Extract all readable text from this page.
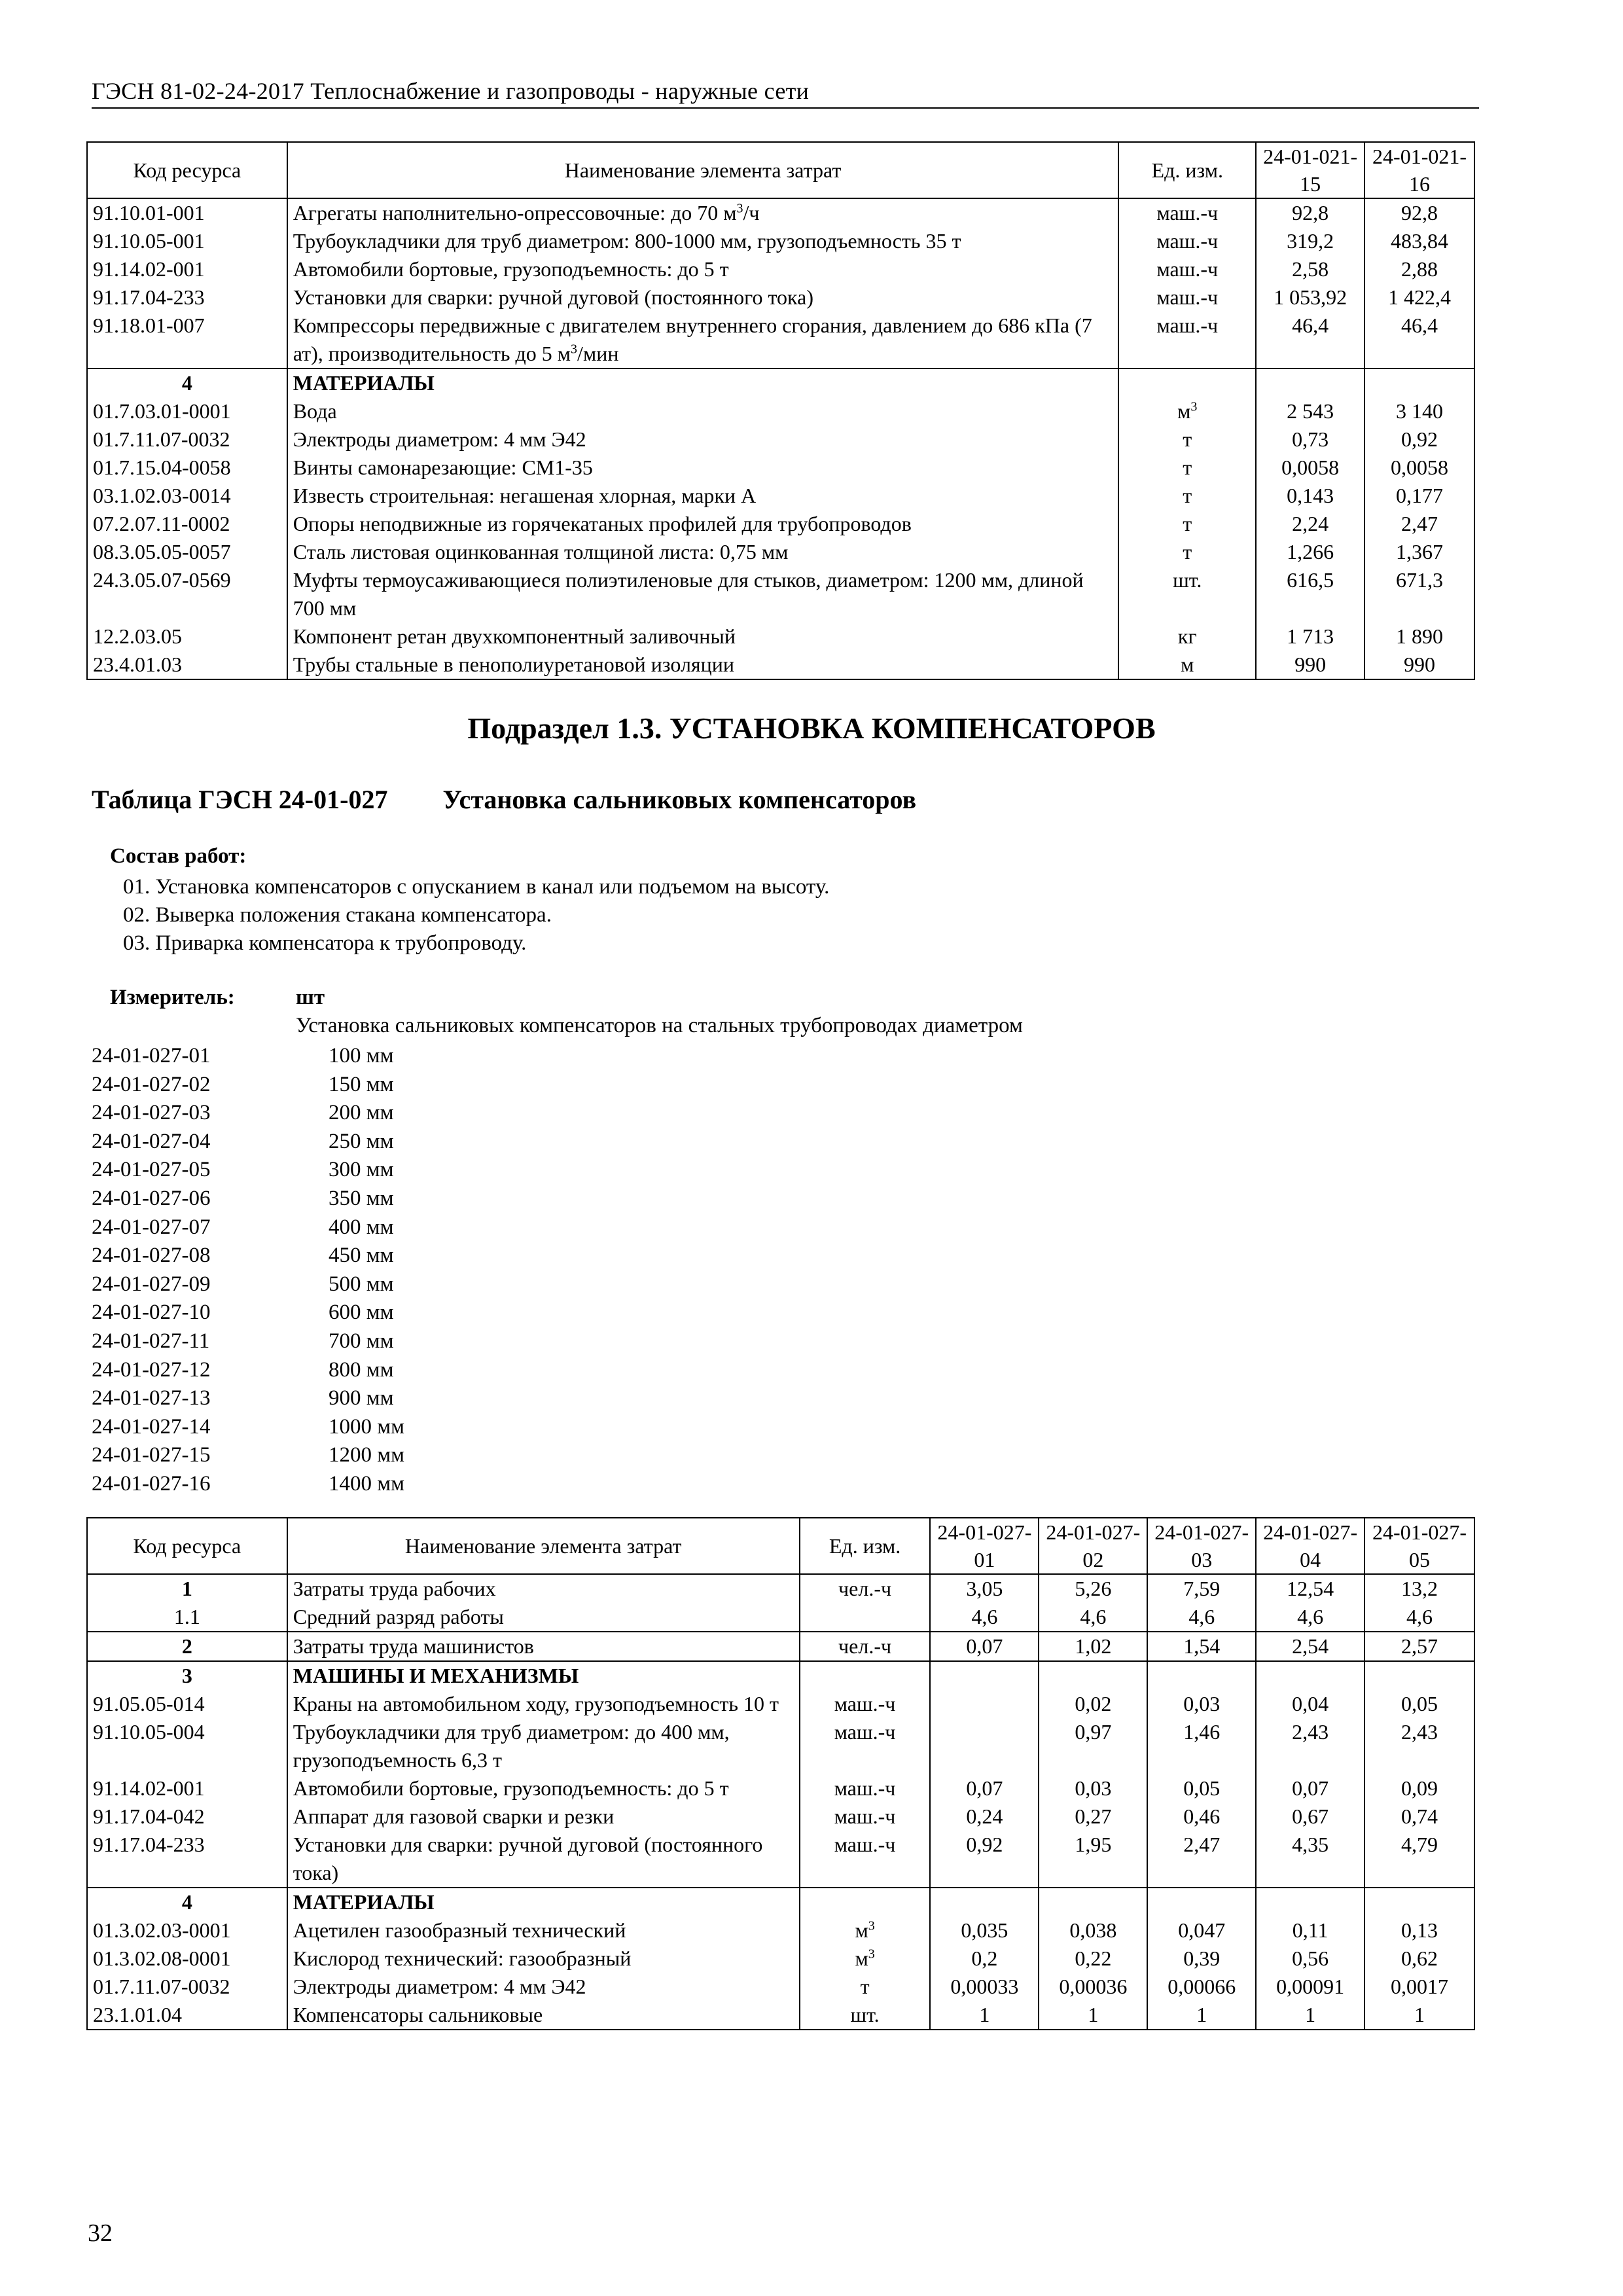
ГЭСН 81-02-24-2017 Теплоснабжение и газопроводы - наружные сети
Код ресурса	Наименование элемента затрат	Ед. изм.	24-01-021-15	24-01-021-16
91.10.01-001	Агрегаты наполнительно-опрессовочные: до 70 $м^3/ч$	маш.-ч	92,8	92,8
91.10.05-001	Трубоукладчики для труб диаметром: 800-1000 мм, грузоподъемность 35 т	маш.-ч	319,2	483,84
91.14.02-001	Автомобили бортовые, грузоподъемность: до 5 т	маш.-ч	2,58	2,88
91.17.04-233	Установки для сварки: ручной дуговой (постоянного тока)	маш.-ч	1 053,92	1 422,4
91.18.01-007	Компрессоры передвижные с двигателем внутреннего сгорания, давлением до 686 кПа (7 ат), производительность до 5 $м^3$/мин	маш.-ч	46,4	46,4
4	МАТЕРИАЛЫ			
01.7.03.01-0001	Вода	$м^3$	2 543	3 140
01.7.11.07-0032	Электроды диаметром: 4 мм Э42	т	0,73	0,92
01.7.15.04-0058	Винты самонарезающие: СМ1-35	т	0,0058	0,0058
03.1.02.03-0014	Известь строительная: негашеная хлорная, марки А	т	0,143	0,177
07.2.07.11-0002	Опоры неподвижные из горячекатаных профилей для трубопроводов	т	2,24	2,47
08.3.05.05-0057	Сталь листовая оцинкованная толщиной листа: 0,75 мм	т	1,266	1,367
24.3.05.07-0569	Муфты термоусаживающиеся полиэтиленовые для стыков, диаметром: 1200 мм, длиной 700 мм	шт.	616,5	671,3
12.2.03.05	Компонент ретан двухкомпонентный заливочный	кг	1 713	1 890
23.4.01.03	Трубы стальные в пенополиуретановой изоляции	м	990	990
Подраздел 1.3. УСТАНОВКА КОМПЕНСАТОРОВ
Таблица ГЭСН 24-01-027 Установка сальниковых компенсаторов
Состав работ:
01. Установка компенсаторов с опусканием в канал или подъемом на высоту.
02. Выверка положения стакана компенсатора.
03. Приварка компенсатора к трубопроводу.
Измеритель:	шт
Установка сальниковых компенсаторов на стальных трубопроводах диаметром
24-01-027-01	100 мм
24-01-027-02	150 мм
24-01-027-03	200 мм
24-01-027-04	250 мм
24-01-027-05	300 мм
24-01-027-06	350 мм
24-01-027-07	400 мм
24-01-027-08	450 мм
24-01-027-09	500 мм
24-01-027-10	600 мм
24-01-027-11	700 мм
24-01-027-12	800 мм
24-01-027-13	900 мм
24-01-027-14	1000 мм
24-01-027-15	1200 мм
24-01-027-16	1400 мм
Код ресурса	Наименование элемента затрат	Ед. изм.	24-01-027-01	24-01-027-02	24-01-027-03	24-01-027-04	24-01-027-05
1	Затраты труда рабочих	чел.-ч	3,05	5,26	7,59	12,54	13,2
1.1	Средний разряд работы		4,6	4,6	4,6	4,6	4,6
2	Затраты труда машинистов	чел.-ч	0,07	1,02	1,54	2,54	2,57
3	МАШИНЫ И МЕХАНИЗМЫ						
91.05.05-014	Краны на автомобильном ходу, грузоподъемность 10 т	маш.-ч		0,02	0,03	0,04	0,05
91.10.05-004	Трубоукладчики для труб диаметром: до 400 мм, грузоподъемность 6,3 т	маш.-ч		0,97	1,46	2,43	2,43
91.14.02-001	Автомобили бортовые, грузоподъемность: до 5 т	маш.-ч	0,07	0,03	0,05	0,07	0,09
91.17.04-042	Аппарат для газовой сварки и резки	маш.-ч	0,24	0,27	0,46	0,67	0,74
91.17.04-233	Установки для сварки: ручной дуговой (постоянного тока)	маш.-ч	0,92	1,95	2,47	4,35	4,79
4	МАТЕРИАЛЫ						
01.3.02.03-0001	Ацетилен газообразный технический	$м^3$	0,035	0,038	0,047	0,11	0,13
01.3.02.08-0001	Кислород технический: газообразный	$м^3$	0,2	0,22	0,39	0,56	0,62
01.7.11.07-0032	Электроды диаметром: 4 мм Э42	т	0,00033	0,00036	0,00066	0,00091	0,0017
23.1.01.04	Компенсаторы сальниковые	шт.	1	1	1	1	1
32
